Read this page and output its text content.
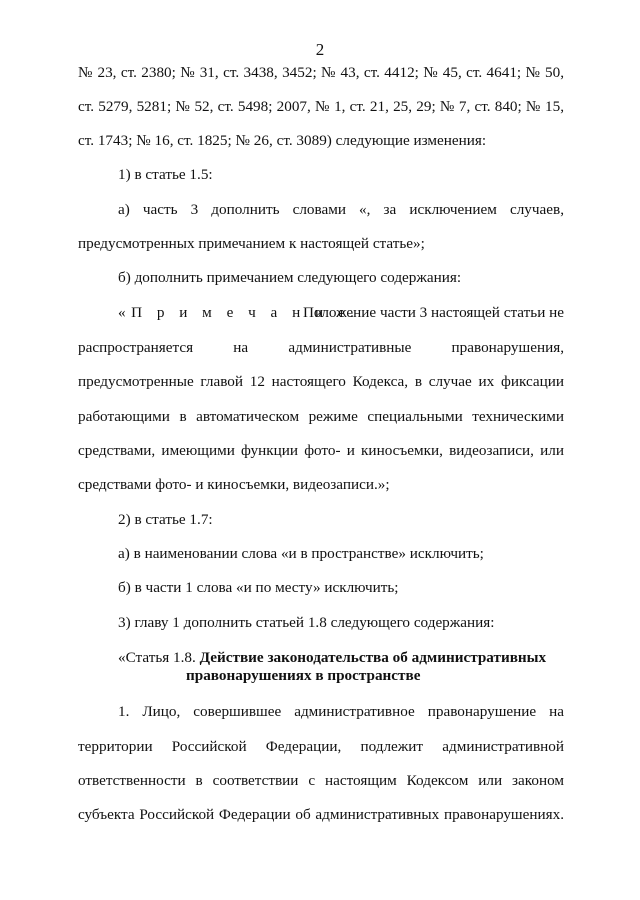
2
№ 23, ст. 2380; № 31, ст. 3438, 3452; № 43, ст. 4412; № 45, ст. 4641; № 50,
ст. 5279, 5281; № 52, ст. 5498; 2007, № 1, ст. 21, 25, 29; № 7, ст. 840; № 15,
ст. 1743; № 16, ст. 1825; № 26, ст. 3089) следующие изменения:
1) в статье 1.5:
а) часть 3 дополнить словами «, за исключением случаев,
предусмотренных примечанием к настоящей статье»;
б) дополнить примечанием следующего содержания:
«П р и м е ч а н и е.
Положение части 3 настоящей статьи не
распространяется на административные правонарушения,
предусмотренные главой 12 настоящего Кодекса, в случае их фиксации
работающими в автоматическом режиме специальными техническими
средствами, имеющими функции фото- и киносъемки, видеозаписи, или
средствами фото- и киносъемки, видеозаписи.»;
2) в статье 1.7:
а) в наименовании слова «и в пространстве» исключить;
б) в части 1 слова «и по месту» исключить;
3) главу 1 дополнить статьей 1.8 следующего содержания:
«Статья 1.8. Действие законодательства об административных
правонарушениях в пространстве
1. Лицо, совершившее административное правонарушение на
территории Российской Федерации, подлежит административной
ответственности в соответствии с настоящим Кодексом или законом
субъекта Российской Федерации об административных правонарушениях.
